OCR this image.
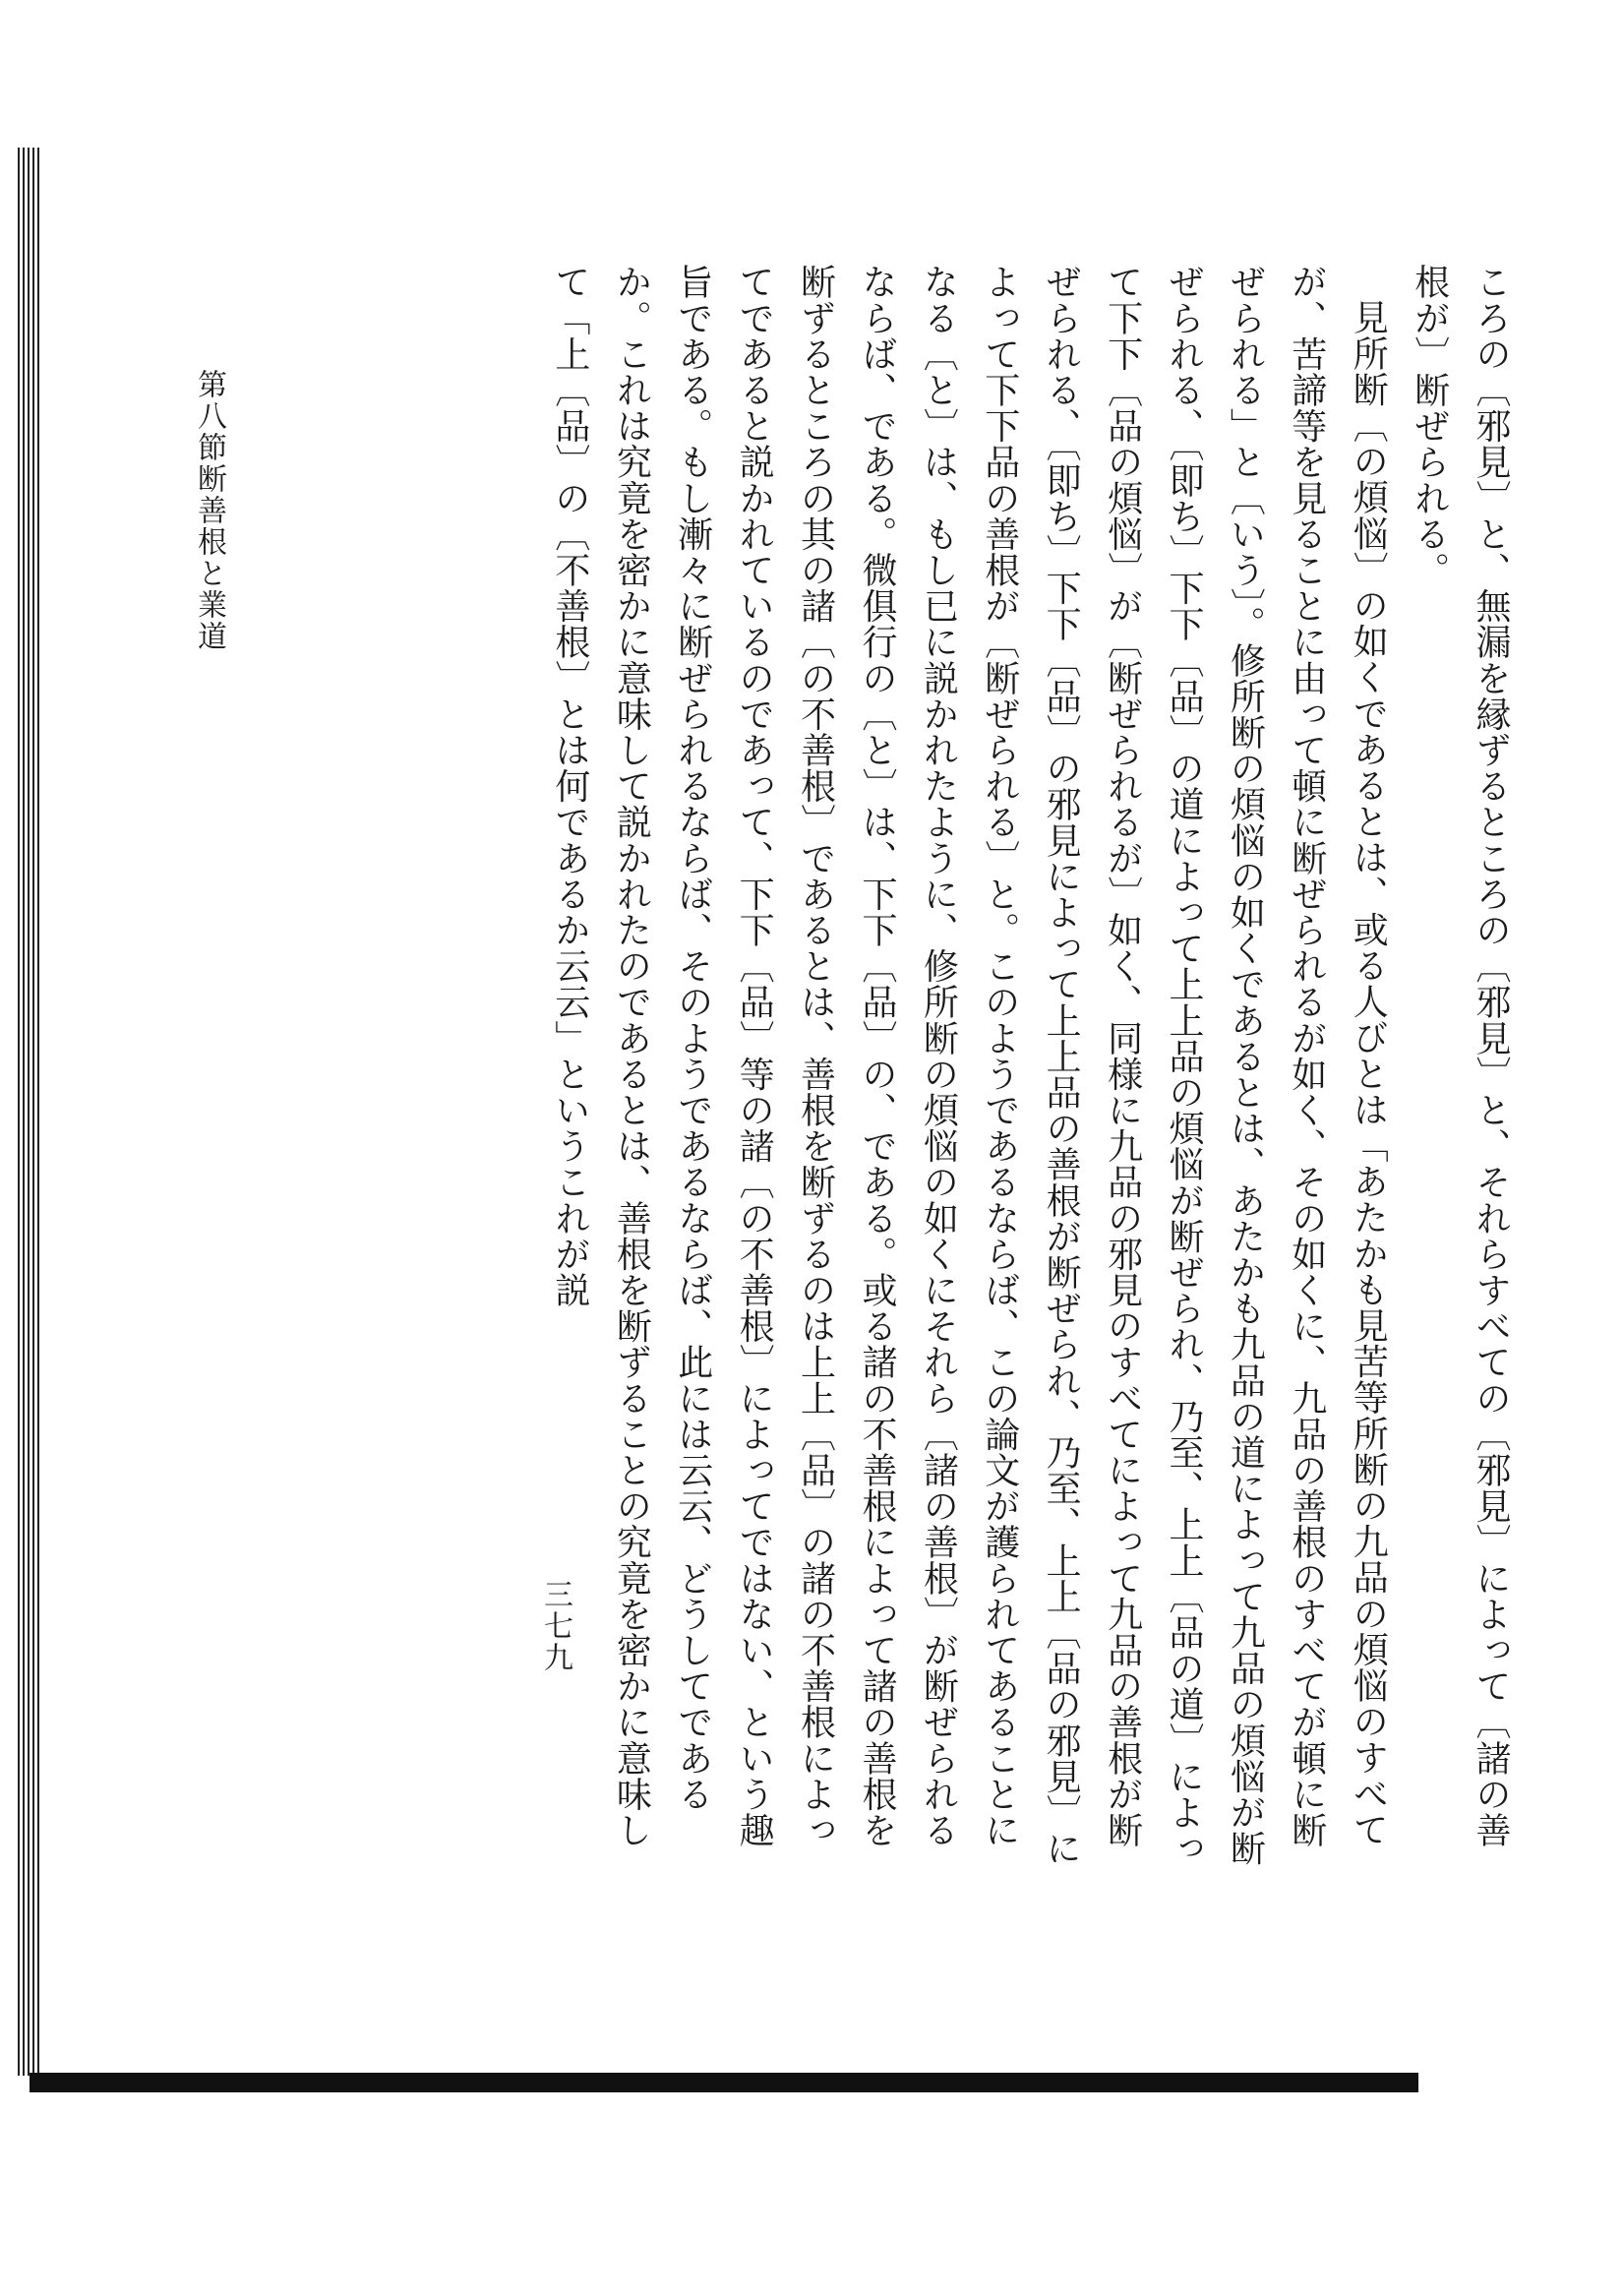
ころの〔邪見〕と、無漏を縁ずるところの〔邪見〕と、それらすべての〔邪見〕によって〔諸の善根が〕断ぜられる。

見所断〔の煩悩〕の如くであるとは、或る人びとは「あたかも見苦等所断の九品の煩悩のすべてが、苦諦等を見ることに由って頓に断ぜられるが如く、その如くに、九品の善根のすべてが頓に断ぜられる」と〔いう〕。修所断の煩悩の如くであるとは、あたかも九品の道によって九品の煩悩が断ぜられる、〔即ち〕下下〔品〕の道によって上上品の煩悩が断ぜられ、乃至、上上〔品の道〕によって下下〔品の煩悩〕が〔断ぜられるが〕如く、同様に九品の邪見のすべてによって九品の善根が断ぜられる、〔即ち〕下下〔品〕の邪見によって上上品の善根が断ぜられ、乃至、上上〔品の邪見〕によって下下品の善根が〔断ぜられる〕と。このようであるならば、この論文が護られてあることになる〔と〕は、もし已に説かれたように、修所断の煩悩の如くにそれら〔諸の善根〕が断ぜられるならば、である。微俱行の〔と〕は、下下〔品〕の、である。或る諸の不善根によって諸の善根を断ずるところの其の諸〔の不善根〕であるとは、善根を断ずるのは上上〔品〕の諸の不善根によってであると説かれているのであって、下下〔品〕等の諸〔の不善根〕によってではない、という趣旨である。もし漸々に断ぜられるならば、そのようであるならば、此には云云、どうしてであるか。これは究竟を密かに意味して説かれたのであるとは、善根を断ずることの究竟を密かに意味して「上〔品〕の〔不善根〕とは何であるか云云」というこれが説

第八節断善根と業道
三七九
